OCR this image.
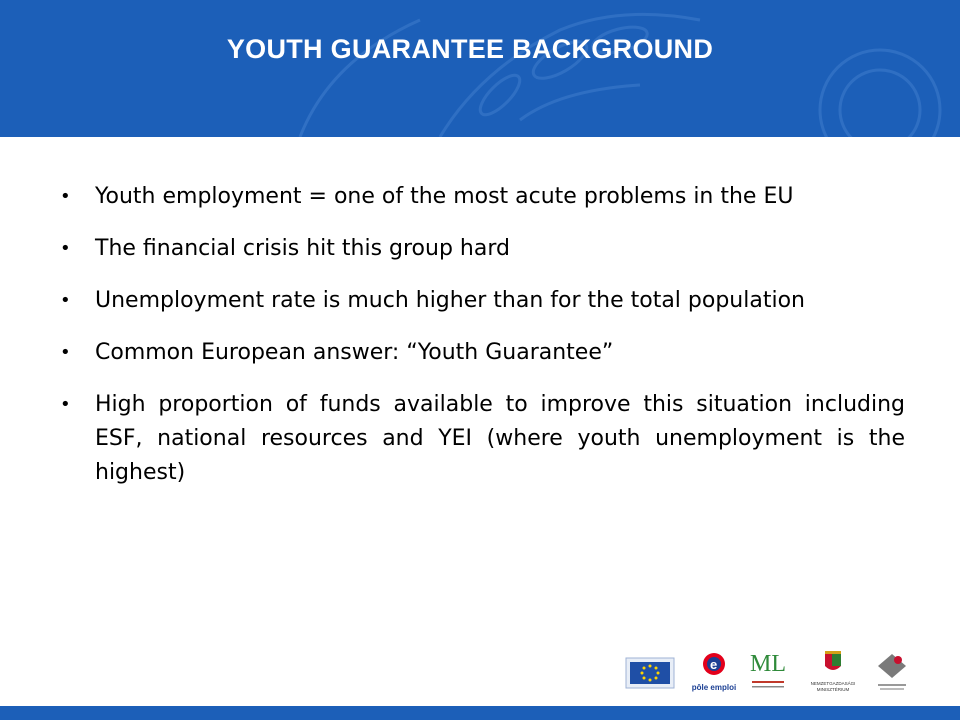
YOUTH GUARANTEE BACKGROUND
• Youth employment = one of the most acute problems in the EU
• The financial crisis hit this group hard
• Unemployment rate is much higher than for the total population
• Common European answer: “Youth Guarantee”
• High proportion of funds available to improve this situation including ESF, national resources and YEI (where youth unemployment is the highest)
e
pôle emploi
ML
NEMZETGAZDASÁGI MINISZTÉRIUM
